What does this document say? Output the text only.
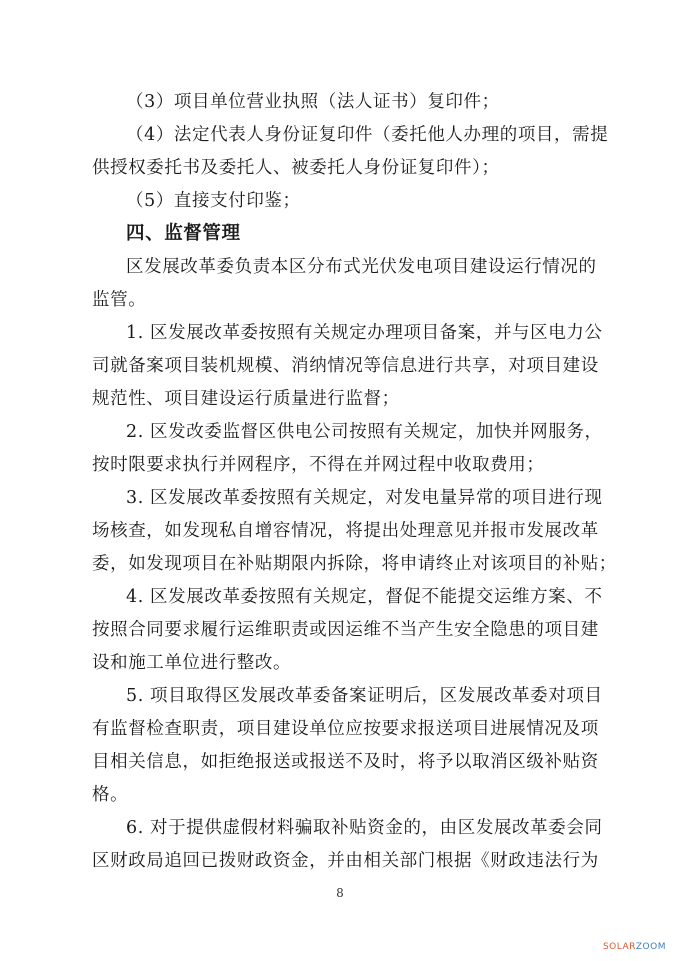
（3）项目单位营业执照（法人证书）复印件；
（4）法定代表人身份证复印件（委托他人办理的项目，需提
供授权委托书及委托人、被委托人身份证复印件）；
（5）直接支付印鉴；
四、监督管理
区发展改革委负责本区分布式光伏发电项目建设运行情况的
监管。
1. 区发展改革委按照有关规定办理项目备案，并与区电力公
司就备案项目装机规模、消纳情况等信息进行共享，对项目建设
规范性、项目建设运行质量进行监督；
2. 区发改委监督区供电公司按照有关规定，加快并网服务，
按时限要求执行并网程序，不得在并网过程中收取费用；
3. 区发展改革委按照有关规定，对发电量异常的项目进行现
场核查，如发现私自增容情况，将提出处理意见并报市发展改革
委，如发现项目在补贴期限内拆除，将申请终止对该项目的补贴；
4. 区发展改革委按照有关规定，督促不能提交运维方案、不
按照合同要求履行运维职责或因运维不当产生安全隐患的项目建
设和施工单位进行整改。
5. 项目取得区发展改革委备案证明后，区发展改革委对项目
有监督检查职责，项目建设单位应按要求报送项目进展情况及项
目相关信息，如拒绝报送或报送不及时，将予以取消区级补贴资
格。
6. 对于提供虚假材料骗取补贴资金的，由区发展改革委会同
区财政局追回已拨财政资金，并由相关部门根据《财政违法行为
8
SOLARZOOM
